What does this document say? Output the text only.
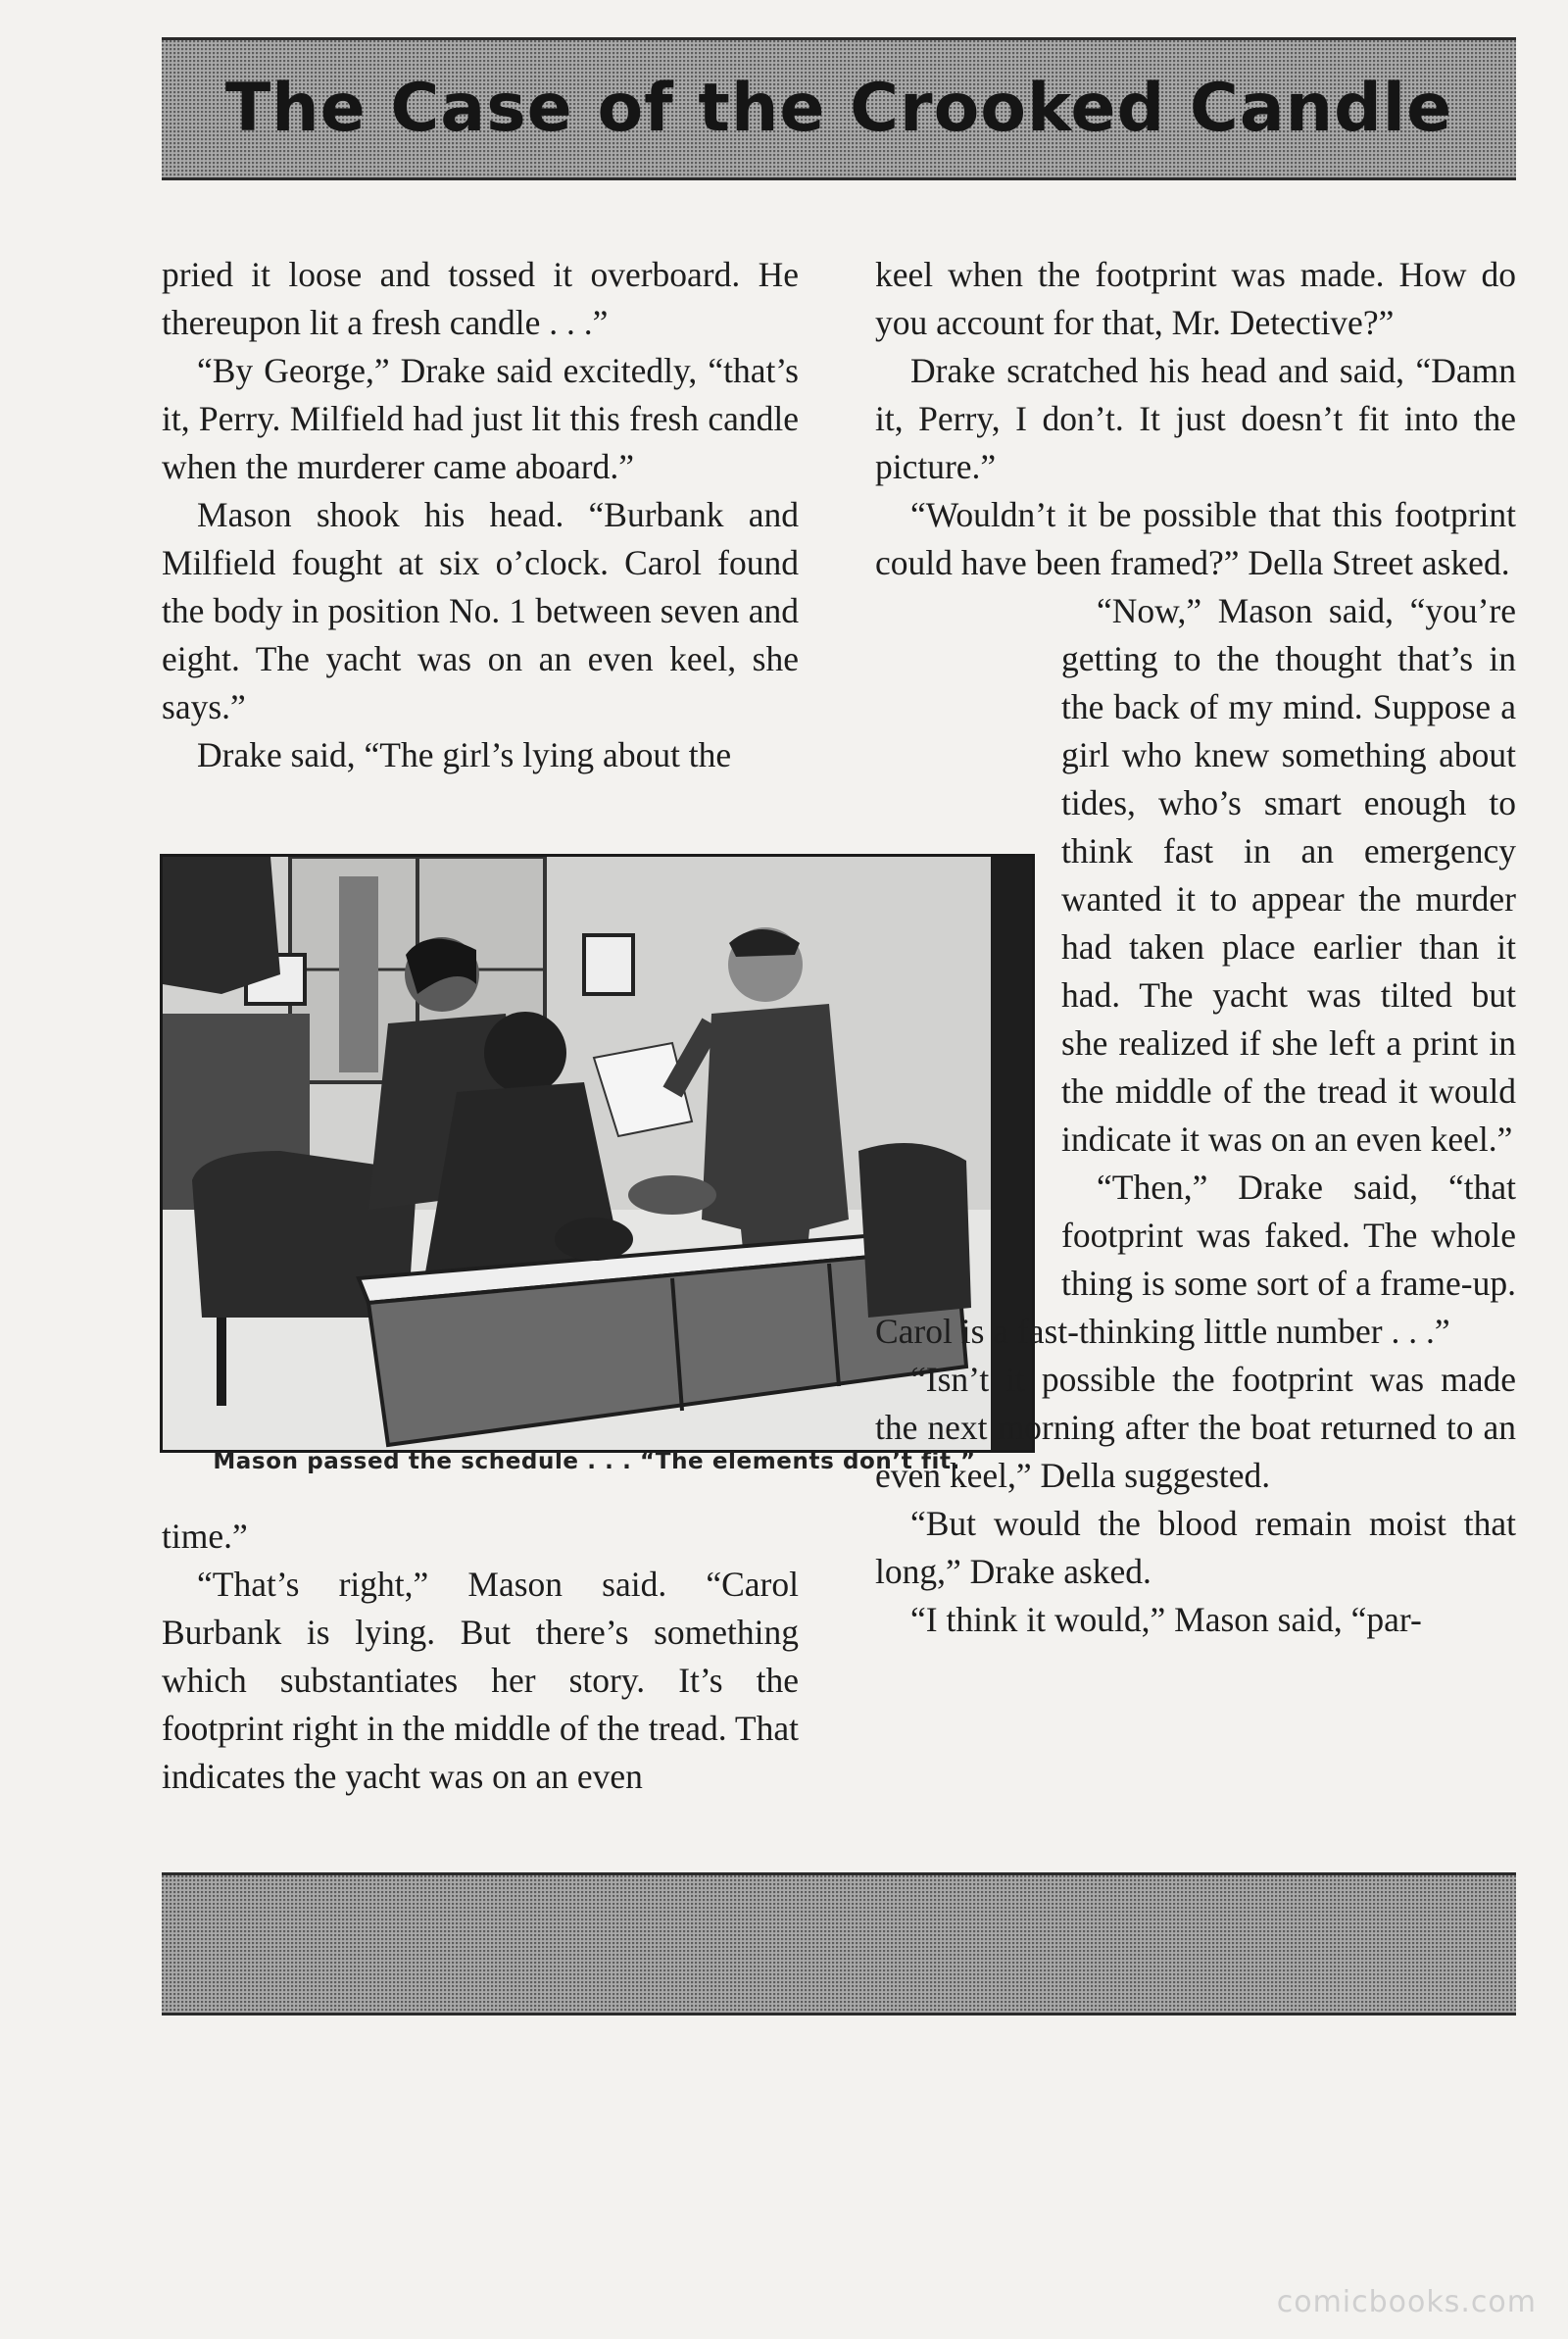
The Case of the Crooked Candle

pried it loose and tossed it overboard. He thereupon lit a fresh candle . . .”

“By George,” Drake said excitedly, “that’s it, Perry. Milfield had just lit this fresh candle when the murderer came aboard.”

Mason shook his head. “Burbank and Milfield fought at six o’clock. Carol found the body in position No. 1 between seven and eight. The yacht was on an even keel, she says.”

Drake said, “The girl’s lying about the

Mason passed the schedule . . . “The elements don’t fit.”

time.”

“That’s right,” Mason said. “Carol Burbank is lying. But there’s something which substantiates her story. It’s the footprint right in the middle of the tread. That indicates the yacht was on an even

keel when the footprint was made. How do you account for that, Mr. Detective?”

Drake scratched his head and said, “Damn it, Perry, I don’t. It just doesn’t fit into the picture.”

“Wouldn’t it be possible that this footprint could have been framed?” Della Street asked.

“Now,” Mason said, “you’re getting to the thought that’s in the back of my mind. Suppose a girl who knew something about tides, who’s smart enough to think fast in an emergency wanted it to appear the murder had taken place earlier than it had. The yacht was tilted but she realized if she left a print in the middle of the tread it would indicate it was on an even keel.”

“Then,” Drake said, “that footprint was faked. The whole thing is some sort of a frame-up. Carol is a fast-thinking little number . . .”

“Isn’t it possible the footprint was made the next morning after the boat returned to an even keel,” Della suggested.

“But would the blood remain moist that long,” Drake asked.

“I think it would,” Mason said, “par-

comicbooks.com
